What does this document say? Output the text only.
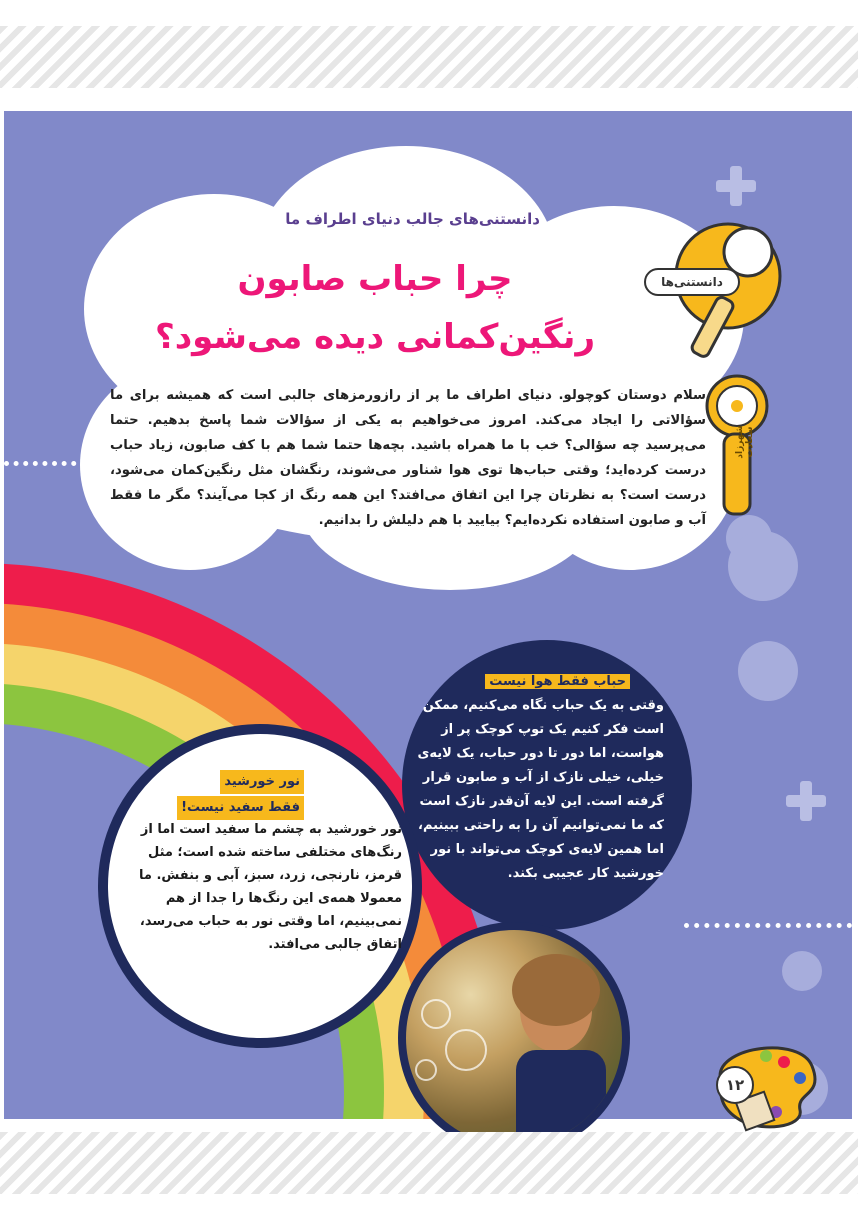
دانستنی‌های جالب دنیای اطراف ما
چرا حباب صابون
رنگین‌کمانی دیده می‌شود؟
سلام دوستان کوچولو. دنیای اطراف ما پر از رازورمزهای جالبی است که همیشه برای ما سؤالاتی را ایجاد می‌کند. امروز می‌خواهیم به یکی از سؤالات شما پاسخ بدهیم. حتما می‌پرسید چه سؤالی؟ خب با ما همراه باشید. بچه‌ها حتما شما هم با کف صابون، زیاد حباب درست کرده‌اید؛ وقتی حباب‌ها توی هوا شناور می‌شوند، رنگشان مثل رنگین‌کمان می‌شود، درست است؟ به نظرتان چرا این اتفاق می‌افتد؟ این همه رنگ از کجا می‌آیند؟ مگر ما فقط آب و صابون استفاده نکرده‌ایم؟ بیایید با هم دلیلش را بدانیم.
دانستنی‌ها
شهرزاد سعادت
حباب فقط هوا نیست
وقتی به یک حباب نگاه می‌کنیم، ممکن است فکر کنیم یک توپ کوچک پر از هواست، اما دور تا دور حباب، یک لایه‌ی خیلی، خیلی نازک از آب و صابون قرار گرفته است. این لایه آن‌قدر نازک است که ما نمی‌توانیم آن را به راحتی ببینیم، اما همین لایه‌ی کوچک می‌تواند با نور خورشید کار عجیبی بکند.
نور خورشید
فقط سفید نیست!
نور خورشید به چشم ما سفید است اما از رنگ‌های مختلفی ساخته شده است؛ مثل قرمز، نارنجی، زرد، سبز، آبی و بنفش. ما معمولا همه‌ی این رنگ‌ها را جدا از هم نمی‌بینیم، اما وقتی نور به حباب می‌رسد، اتفاق جالبی می‌افتد.
۱۲
